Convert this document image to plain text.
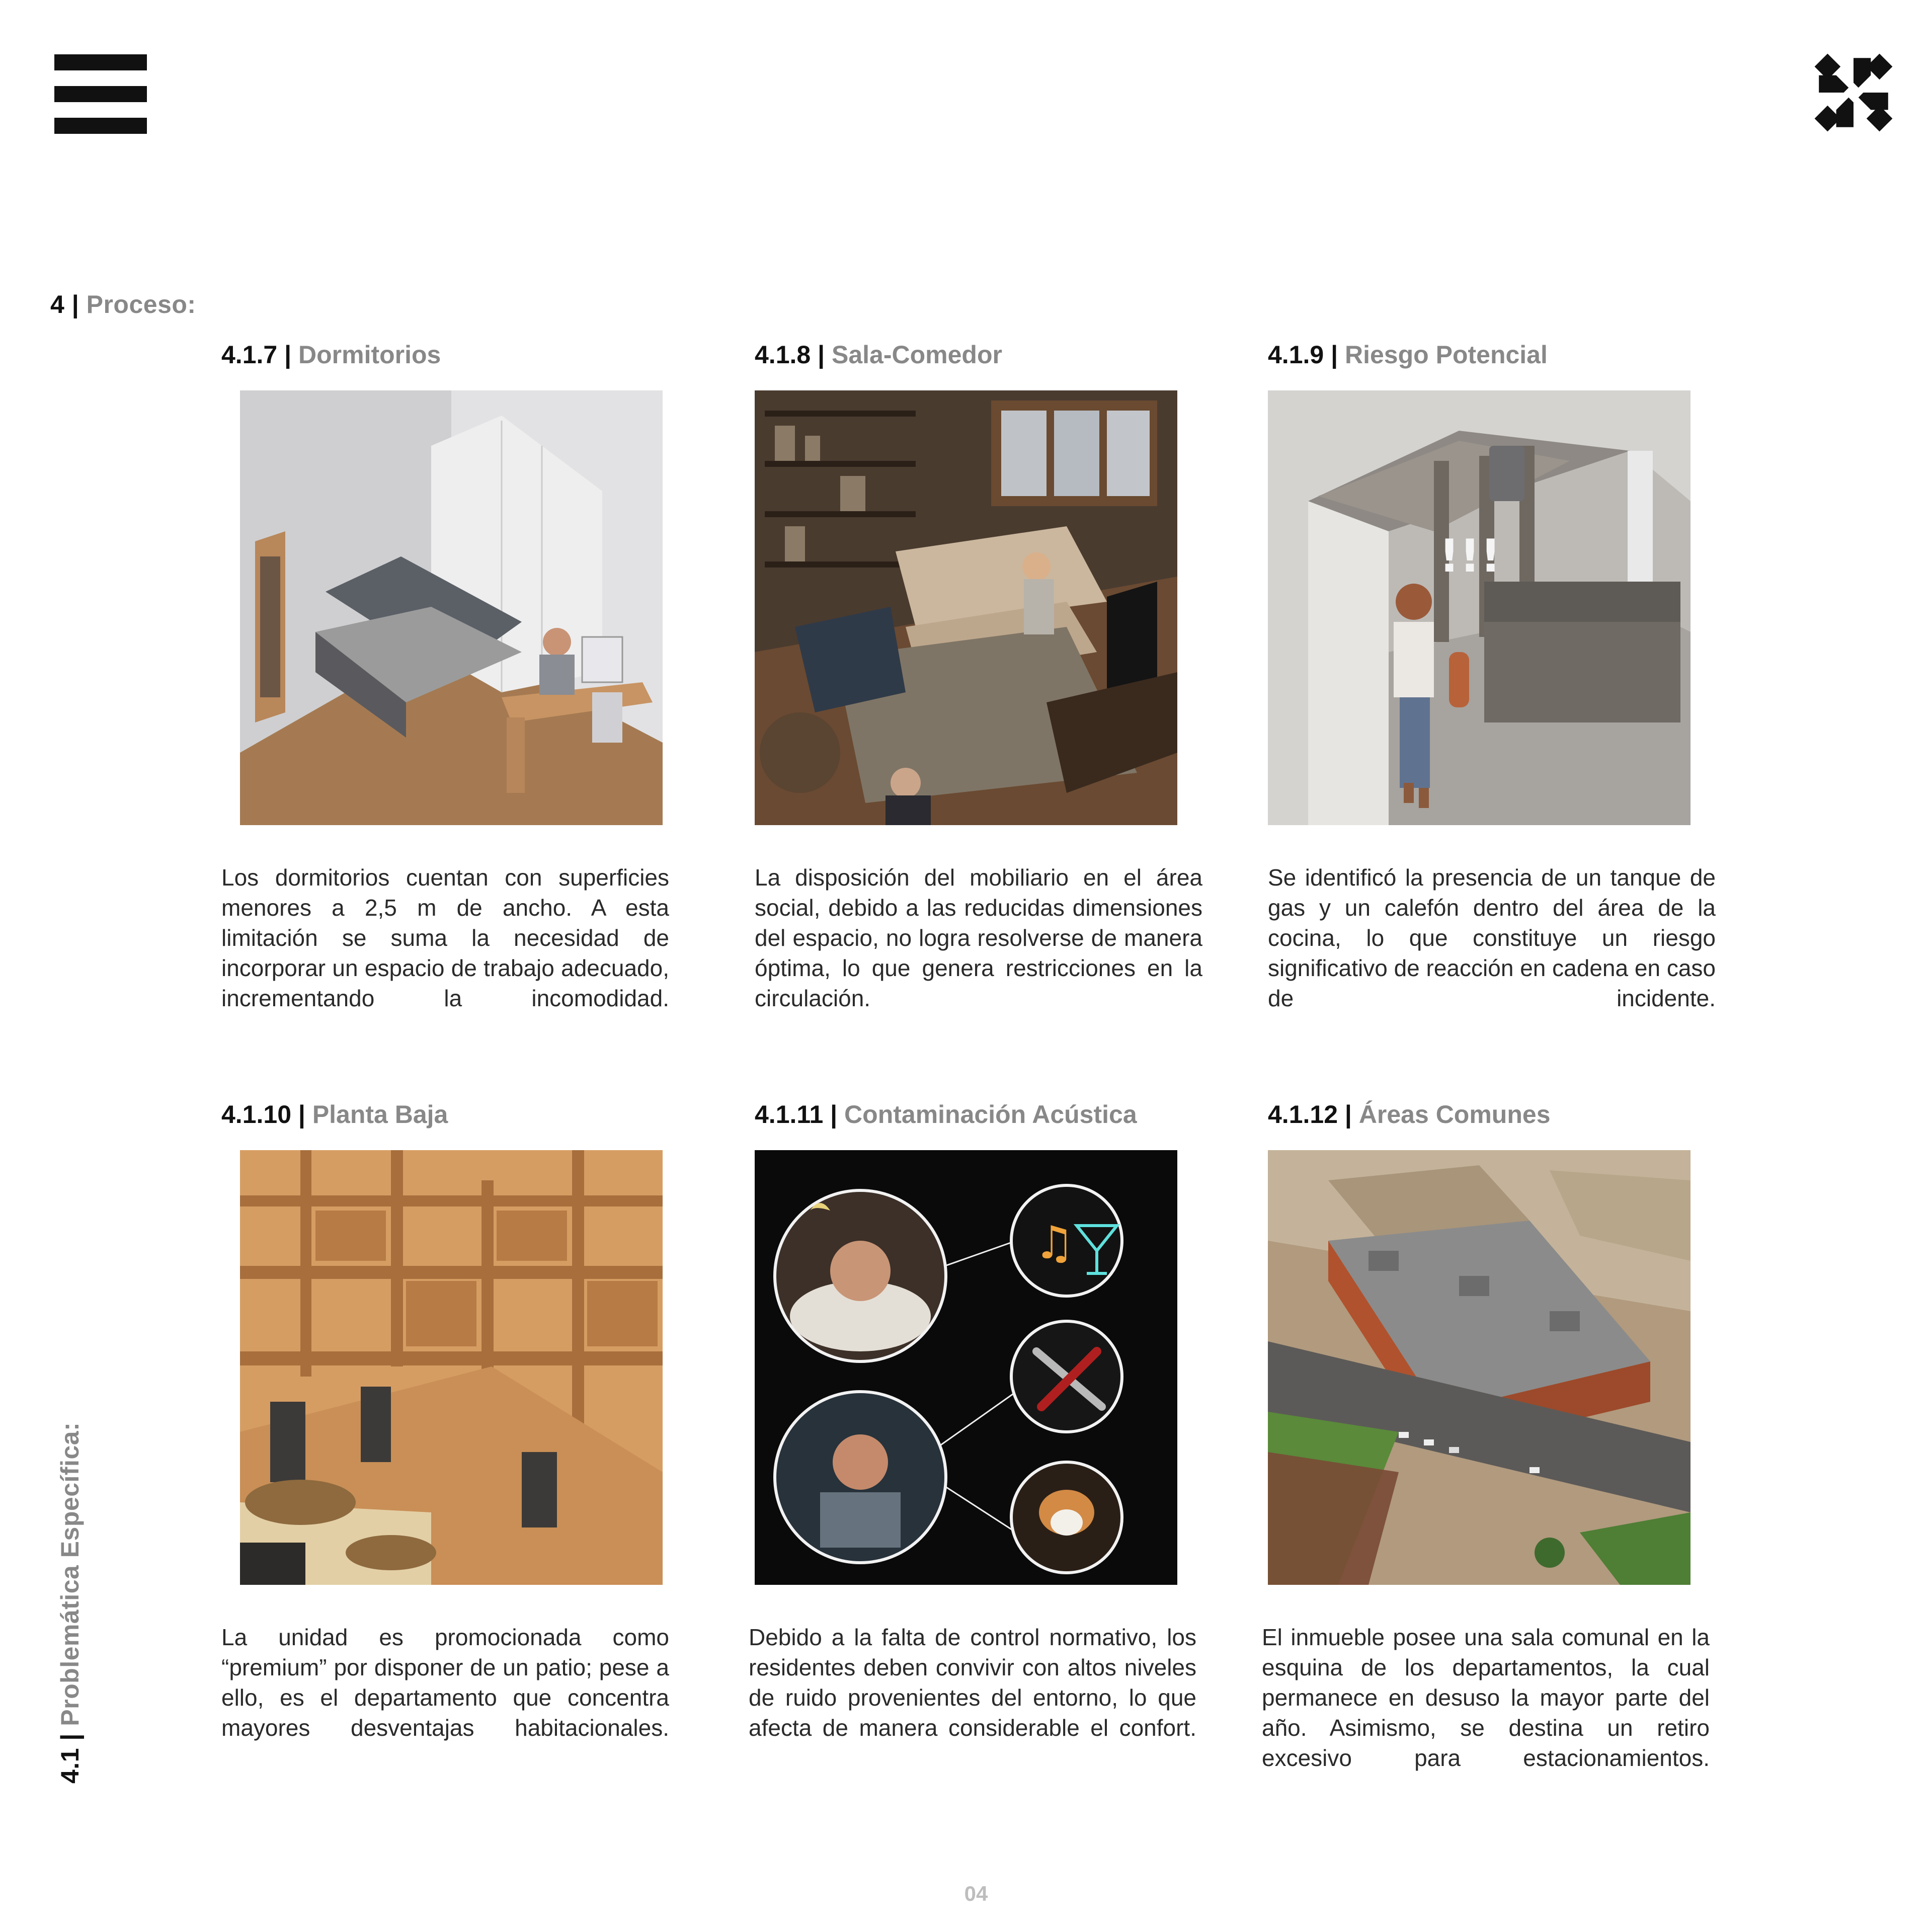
4 | Proceso:
4.1 | Problemática Específica:
4.1.7 | Dormitorios
Los dormitorios cuentan con superficies menores a 2,5 m de ancho. A esta limitación se suma la necesidad de incorporar un espacio de trabajo adecuado, incrementando la incomodidad.
4.1.8 | Sala-Comedor
La disposición del mobiliario en el área social, debido a las reducidas dimensiones del espacio, no logra resolverse de manera óptima, lo que genera restricciones en la circulación.
4.1.9 | Riesgo Potencial
!!!
Se identificó la presencia de un tanque de gas y un calefón dentro del área de la cocina, lo que constituye un riesgo significativo de reacción en cadena en caso de incidente.
4.1.10 | Planta Baja
La unidad es promocionada como “premium” por disponer de un patio; pese a ello, es el departamento que concentra mayores desventajas habitacionales.
4.1.11 | Contaminación Acústica
♫
Debido a la falta de control normativo, los residentes deben convivir con altos niveles de ruido provenientes del entorno, lo que afecta de manera considerable el confort.
4.1.12 | Áreas Comunes
El inmueble posee una sala comunal en la esquina de los departamentos, la cual permanece en desuso la mayor parte del año. Asimismo, se destina un retiro excesivo para estacionamientos.
04
